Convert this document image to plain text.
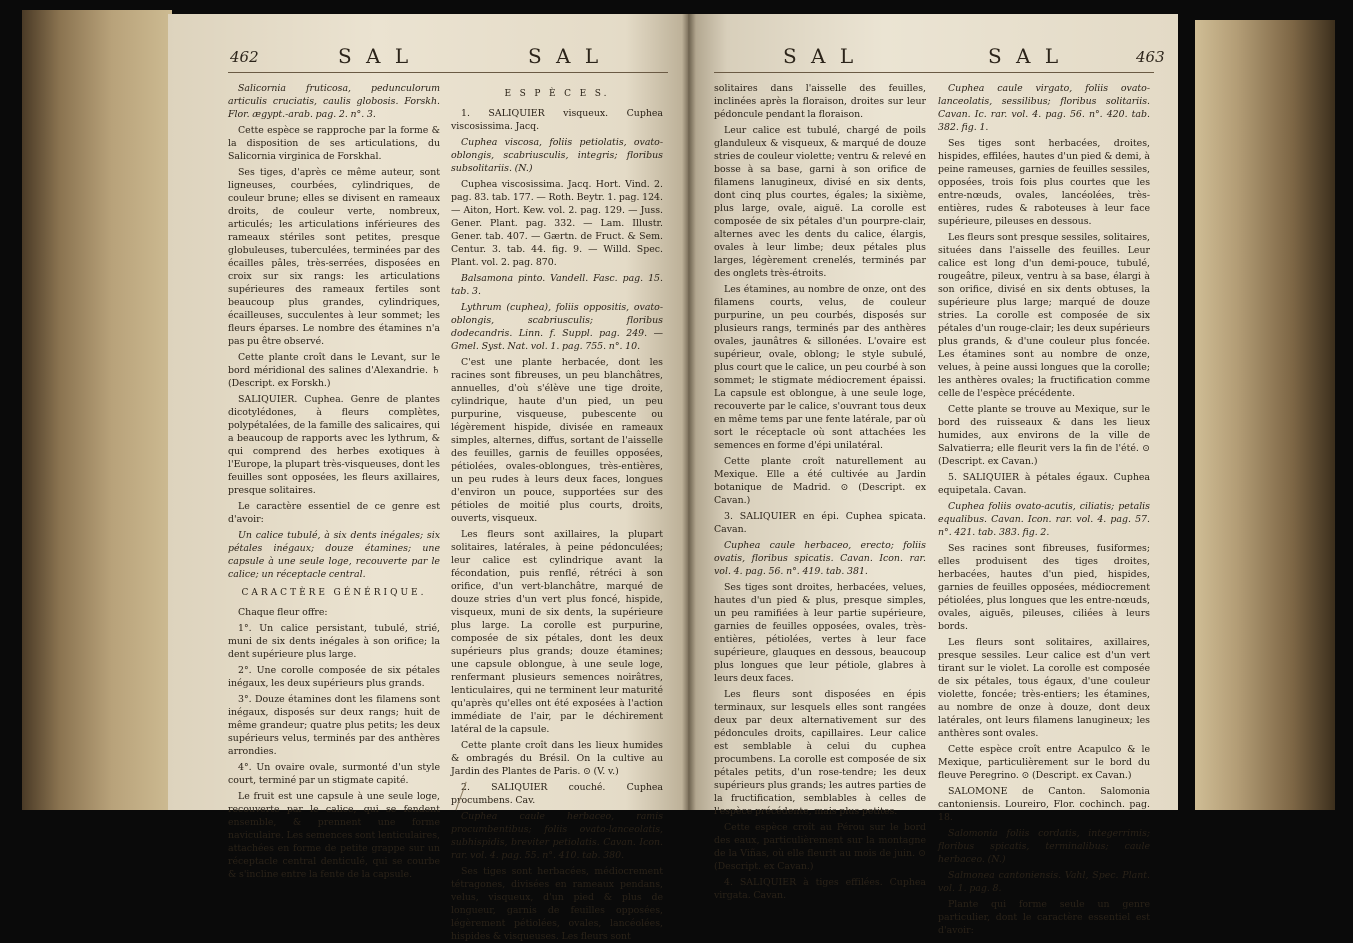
462	S A L	S A L

Salicornia fruticosa, pedunculorum articulis cruciatis, caulis globosis. Forskh. Flor. ægypt.-arab. pag. 2. n°. 3.

Cette espèce se rapproche par la forme & la disposition de ses articulations, du Salicornia virginica de Forskhal.

Ses tiges, d'après ce même auteur, sont ligneuses, courbées, cylindriques, de couleur brune; elles se divisent en rameaux droits, de couleur verte, nombreux, articulés; les articulations inférieures des rameaux stériles sont petites, presque globuleuses, tuberculées, terminées par des écailles pâles, très-serrées, disposées en croix sur six rangs: les articulations supérieures des rameaux fertiles sont beaucoup plus grandes, cylindriques, écailleuses, succulentes à leur sommet; les fleurs éparses. Le nombre des étamines n'a pas pu être observé.

Cette plante croît dans le Levant, sur le bord méridional des salines d'Alexandrie. ♄ (Descript. ex Forskh.)

SALIQUIER. Cuphea. Genre de plantes dicotylédones, à fleurs complètes, polypétalées, de la famille des salicaires, qui a beaucoup de rapports avec les lythrum, & qui comprend des herbes exotiques à l'Europe, la plupart très-visqueuses, dont les feuilles sont opposées, les fleurs axillaires, presque solitaires.

Le caractère essentiel de ce genre est d'avoir:

Un calice tubulé, à six dents inégales; six pétales inégaux; douze étamines; une capsule à une seule loge, recouverte par le calice; un réceptacle central.

CARACTÈRE GÉNÉRIQUE.

Chaque fleur offre:

1°. Un calice persistant, tubulé, strié, muni de six dents inégales à son orifice; la dent supérieure plus large.

2°. Une corolle composée de six pétales inégaux, les deux supérieurs plus grands.

3°. Douze étamines dont les filamens sont inégaux, disposés sur deux rangs; huit de même grandeur; quatre plus petits; les deux supérieurs velus, terminés par des anthères arrondies.

4°. Un ovaire ovale, surmonté d'un style court, terminé par un stigmate capité.

Le fruit est une capsule à une seule loge, recouverte par le calice, qui se fendent ensemble, & prennent une forme naviculaire. Les semences sont lenticulaires, attachées en forme de petite grappe sur un réceptacle central denticulé, qui se courbe & s'incline entre la fente de la capsule.

E S P È C E S.

1. SALIQUIER visqueux. Cuphea viscosissima. Jacq.

Cuphea viscosa, foliis petiolatis, ovato-oblongis, scabriusculis, integris; floribus subsolitariis. (N.)

Cuphea viscosissima. Jacq. Hort. Vind. 2. pag. 83. tab. 177. — Roth. Beytr. 1. pag. 124. — Aiton, Hort. Kew. vol. 2. pag. 129. — Juss. Gener. Plant. pag. 332. — Lam. Illustr. Gener. tab. 407. — Gærtn. de Fruct. & Sem. Centur. 3. tab. 44. fig. 9. — Willd. Spec. Plant. vol. 2. pag. 870.

Balsamona pinto. Vandell. Fasc. pag. 15. tab. 3.

Lythrum (cuphea), foliis oppositis, ovato-oblongis, scabriusculis; floribus dodecandris. Linn. f. Suppl. pag. 249. — Gmel. Syst. Nat. vol. 1. pag. 755. n°. 10.

C'est une plante herbacée, dont les racines sont fibreuses, un peu blanchâtres, annuelles, d'où s'élève une tige droite, cylindrique, haute d'un pied, un peu purpurine, visqueuse, pubescente ou légèrement hispide, divisée en rameaux simples, alternes, diffus, sortant de l'aisselle des feuilles, garnis de feuilles opposées, pétiolées, ovales-oblongues, très-entières, un peu rudes à leurs deux faces, longues d'environ un pouce, supportées sur des pétioles de moitié plus courts, droits, ouverts, visqueux.

Les fleurs sont axillaires, la plupart solitaires, latérales, à peine pédonculées; leur calice est cylindrique avant la fécondation, puis renflé, rétréci à son orifice, d'un vert-blanchâtre, marqué de douze stries d'un vert plus foncé, hispide, visqueux, muni de six dents, la supérieure plus large. La corolle est purpurine, composée de six pétales, dont les deux supérieurs plus grands; douze étamines; une capsule oblongue, à une seule loge, renfermant plusieurs semences noirâtres, lenticulaires, qui ne terminent leur maturité qu'après qu'elles ont été exposées à l'action immédiate de l'air, par le déchirement latéral de la capsule.

Cette plante croît dans les lieux humides & ombragés du Brésil. On la cultive au Jardin des Plantes de Paris. ⊙ (V. v.)

2. SALIQUIER couché. Cuphea procumbens. Cav.

Cuphea caule herbaceo, ramis procumbentibus; foliis ovato-lanceolatis, subhispidis, breviter petiolatis. Cavan. Icon. rar. vol. 4. pag. 55. n°. 410. tab. 380.

Ses tiges sont herbacées, médiocrement tétragones, divisées en rameaux pendans, velus, visqueux, d'un pied & plus de longueur, garnis de feuilles opposées, légèrement pétiolées, ovales, lancéolées, hispides & visqueuses. Les fleurs sont

S A L	S A L	463

solitaires dans l'aisselle des feuilles, inclinées après la floraison, droites sur leur pédoncule pendant la floraison.

Leur calice est tubulé, chargé de poils glanduleux & visqueux, & marqué de douze stries de couleur violette; ventru & relevé en bosse à sa base, garni à son orifice de filamens lanugineux, divisé en six dents, dont cinq plus courtes, égales; la sixième, plus large, ovale, aiguë. La corolle est composée de six pétales d'un pourpre-clair, alternes avec les dents du calice, élargis, ovales à leur limbe; deux pétales plus larges, légèrement crenelés, terminés par des onglets très-étroits.

Les étamines, au nombre de onze, ont des filamens courts, velus, de couleur purpurine, un peu courbés, disposés sur plusieurs rangs, terminés par des anthères ovales, jaunâtres & sillonées. L'ovaire est supérieur, ovale, oblong; le style subulé, plus court que le calice, un peu courbé à son sommet; le stigmate médiocrement épaissi. La capsule est oblongue, à une seule loge, recouverte par le calice, s'ouvrant tous deux en même tems par une fente latérale, par où sort le réceptacle où sont attachées les semences en forme d'épi unilatéral.

Cette plante croît naturellement au Mexique. Elle a été cultivée au Jardin botanique de Madrid. ⊙ (Descript. ex Cavan.)

3. SALIQUIER en épi. Cuphea spicata. Cavan.

Cuphea caule herbaceo, erecto; foliis ovatis, floribus spicatis. Cavan. Icon. rar. vol. 4. pag. 56. n°. 419. tab. 381.

Ses tiges sont droites, herbacées, velues, hautes d'un pied & plus, presque simples, un peu ramifiées à leur partie supérieure, garnies de feuilles opposées, ovales, très-entières, pétiolées, vertes à leur face supérieure, glauques en dessous, beaucoup plus longues que leur pétiole, glabres à leurs deux faces.

Les fleurs sont disposées en épis terminaux, sur lesquels elles sont rangées deux par deux alternativement sur des pédoncules droits, capillaires. Leur calice est semblable à celui du cuphea procumbens. La corolle est composée de six pétales petits, d'un rose-tendre; les deux supérieurs plus grands; les autres parties de la fructification, semblables à celles de l'espèce précédente, mais plus petites.

Cette espèce croît au Pérou sur le bord des eaux, particulièrement sur la montagne de la Viñas, où elle fleurit au mois de juin. ⊙ (Descript. ex Cavan.)

4. SALIQUIER à tiges effilées. Cuphea virgata. Cavan.

Cuphea caule virgato, foliis ovato-lanceolatis, sessilibus; floribus solitariis. Cavan. Ic. rar. vol. 4. pag. 56. n°. 420. tab. 382. fig. 1.

Ses tiges sont herbacées, droites, hispides, effilées, hautes d'un pied & demi, à peine rameuses, garnies de feuilles sessiles, opposées, trois fois plus courtes que les entre-nœuds, ovales, lancéolées, très-entières, rudes & raboteuses à leur face supérieure, pileuses en dessous.

Les fleurs sont presque sessiles, solitaires, situées dans l'aisselle des feuilles. Leur calice est long d'un demi-pouce, tubulé, rougeâtre, pileux, ventru à sa base, élargi à son orifice, divisé en six dents obtuses, la supérieure plus large; marqué de douze stries. La corolle est composée de six pétales d'un rouge-clair; les deux supérieurs plus grands, & d'une couleur plus foncée. Les étamines sont au nombre de onze, velues, à peine aussi longues que la corolle; les anthères ovales; la fructification comme celle de l'espèce précédente.

Cette plante se trouve au Mexique, sur le bord des ruisseaux & dans les lieux humides, aux environs de la ville de Salvatierra; elle fleurit vers la fin de l'été. ⊙ (Descript. ex Cavan.)

5. SALIQUIER à pétales égaux. Cuphea equipetala. Cavan.

Cuphea foliis ovato-acutis, ciliatis; petalis equalibus. Cavan. Icon. rar. vol. 4. pag. 57. n°. 421. tab. 383. fig. 2.

Ses racines sont fibreuses, fusiformes; elles produisent des tiges droites, herbacées, hautes d'un pied, hispides, garnies de feuilles opposées, médiocrement pétiolées, plus longues que les entre-nœuds, ovales, aiguës, pileuses, ciliées à leurs bords.

Les fleurs sont solitaires, axillaires, presque sessiles. Leur calice est d'un vert tirant sur le violet. La corolle est composée de six pétales, tous égaux, d'une couleur violette, foncée; très-entiers; les étamines, au nombre de onze à douze, dont deux latérales, ont leurs filamens lanugineux; les anthères sont ovales.

Cette espèce croît entre Acapulco & le Mexique, particulièrement sur le bord du fleuve Peregrino. ⊙ (Descript. ex Cavan.)

SALOMONE de Canton. Salomonia cantoniensis. Loureiro, Flor. cochinch. pag. 18.

Salomonia foliis cordatis, integerrimis; floribus spicatis, terminalibus; caule herbaceo. (N.)

Salmonea cantoniensis. Vahl, Spec. Plant. vol. 1. pag. 8.

Plante qui forme seule un genre particulier, dont le caractère essentiel est d'avoir:
